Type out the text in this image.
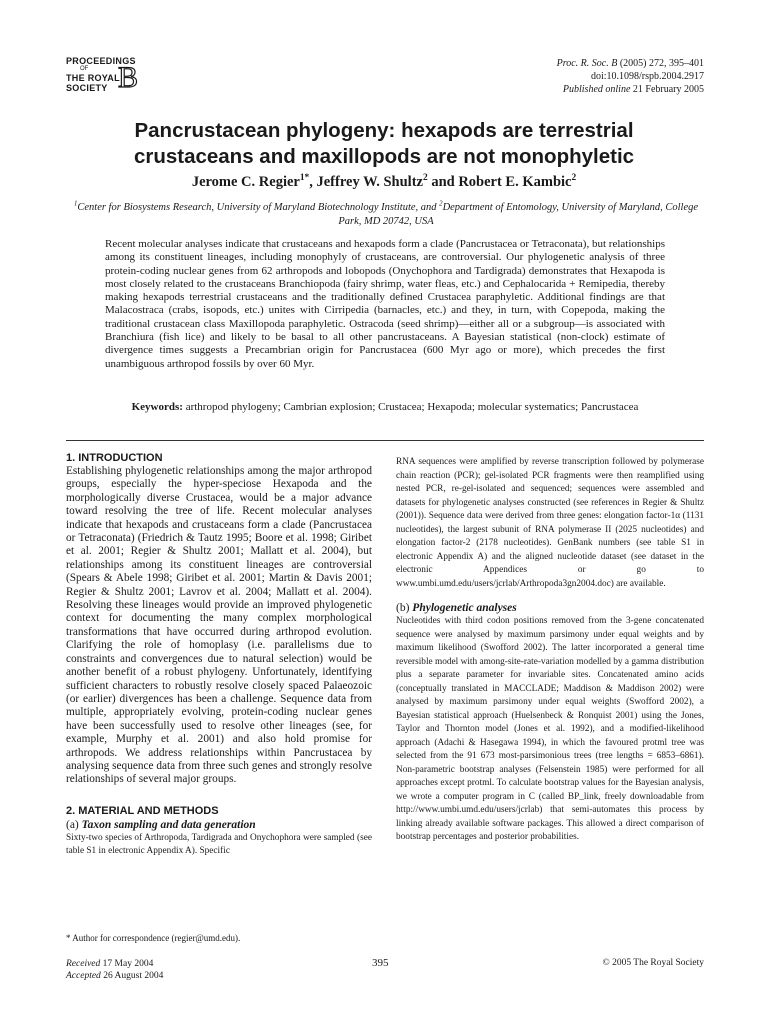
PROCEEDINGS
OF
THE ROYAL
SOCIETY B	Proc. R. Soc. B (2005) 272, 395–401
doi:10.1098/rspb.2004.2917
Published online 21 February 2005
Pancrustacean phylogeny: hexapods are terrestrial
crustaceans and maxillopods are not monophyletic
Jerome C. Regier$^{1*}$, Jeffrey W. Shultz$^2$ and Robert E. Kambic$^2$
$^1$Center for Biosystems Research, University of Maryland Biotechnology Institute, and $^2$Department of Entomology, University of Maryland, College Park, MD 20742, USA
Recent molecular analyses indicate that crustaceans and hexapods form a clade (Pancrustacea or Tetraconata), but relationships among its constituent lineages, including monophyly of crustaceans, are controversial. Our phylogenetic analysis of three protein-coding nuclear genes from 62 arthropods and lobopods (Onychophora and Tardigrada) demonstrates that Hexapoda is most closely related to the crustaceans Branchiopoda (fairy shrimp, water fleas, etc.) and Cephalocarida + Remipedia, thereby making hexapods terrestrial crustaceans and the traditionally defined Crustacea paraphyletic. Additional findings are that Malacostraca (crabs, isopods, etc.) unites with Cirripedia (barnacles, etc.) and they, in turn, with Copepoda, making the traditional crustacean class Maxillopoda paraphyletic. Ostracoda (seed shrimp)—either all or a subgroup—is associated with Branchiura (fish lice) and likely to be basal to all other pancrustaceans. A Bayesian statistical (non-clock) estimate of divergence times suggests a Precambrian origin for Pancrustacea (600 Myr ago or more), which precedes the first unambiguous arthropod fossils by over 60 Myr.
Keywords: arthropod phylogeny; Cambrian explosion; Crustacea; Hexapoda; molecular systematics; Pancrustacea

1. INTRODUCTION

Establishing phylogenetic relationships among the major arthropod groups, especially the hyper-speciose Hexapoda and the morphologically diverse Crustacea, would be a major advance toward resolving the tree of life. Recent molecular analyses indicate that hexapods and crustaceans form a clade (Pancrustacea or Tetraconata) (Friedrich & Tautz 1995; Boore et al. 1998; Giribet et al. 2001; Regier & Shultz 2001; Mallatt et al. 2004), but relationships among its constituent lineages are controversial (Spears & Abele 1998; Giribet et al. 2001; Martin & Davis 2001; Regier & Shultz 2001; Lavrov et al. 2004; Mallatt et al. 2004). Resolving these lineages would provide an improved phylogenetic context for documenting the many complex morphological transformations that have occurred during arthropod evolution. Clarifying the role of homoplasy (i.e. parallelisms due to constraints and convergences due to natural selection) would be another benefit of a robust phylogeny. Unfortunately, identifying sufficient characters to robustly resolve closely spaced Palaeozoic (or earlier) divergences has been a challenge. Sequence data from multiple, appropriately evolving, protein-coding nuclear genes have been successfully used to resolve other lineages (see, for example, Murphy et al. 2001) and also hold promise for arthropods. We address relationships within Pancrustacea by analysing sequence data from three such genes and strongly resolve relationships of several major groups.

2. MATERIAL AND METHODS

(a) Taxon sampling and data generation

Sixty-two species of Arthropoda, Tardigrada and Onychophora were sampled (see table S1 in electronic Appendix A). Specific

RNA sequences were amplified by reverse transcription followed by polymerase chain reaction (PCR); gel-isolated PCR fragments were then reamplified using nested PCR, re-gel-isolated and sequenced; sequences were assembled and datasets for phylogenetic analyses constructed (see references in Regier & Shultz (2001)). Sequence data were derived from three genes: elongation factor-1α (1131 nucleotides), the largest subunit of RNA polymerase II (2025 nucleotides) and elongation factor-2 (2178 nucleotides). GenBank numbers (see table S1 in electronic Appendix A) and the aligned nucleotide dataset (see dataset in the electronic Appendices or go to www.umbi.umd.edu/users/jcrlab/Arthropoda3gn2004.doc) are available.

(b) Phylogenetic analyses

Nucleotides with third codon positions removed from the 3-gene concatenated sequence were analysed by maximum parsimony under equal weights and by maximum likelihood (Swofford 2002). The latter incorporated a general time reversible model with among-site-rate-variation modelled by a gamma distribution plus a separate parameter for invariable sites. Concatenated amino acids (conceptually translated in MACCLADE; Maddison & Maddison 2002) were analysed by maximum parsimony under equal weights (Swofford 2002), a Bayesian statistical approach (Huelsenbeck & Ronquist 2001) using the Jones, Taylor and Thornton model (Jones et al. 1992), and a modified-likelihood approach (Adachi & Hasegawa 1994), in which the favoured protml tree was selected from the 91 673 most-parsimonious trees (tree lengths = 6853–6861). Non-parametric bootstrap analyses (Felsenstein 1985) were performed for all approaches except protml. To calculate bootstrap values for the Bayesian analysis, we wrote a computer program in C (called BP_link, freely downloadable from http://www.umbi.umd.edu/users/jcrlab) that semi-automates this process by linking already available software packages. This allowed a direct comparison of bootstrap percentages and posterior probabilities.

* Author for correspondence (regier@umd.edu).
Received 17 May 2004
Accepted 26 August 2004
395	© 2005 The Royal Society
